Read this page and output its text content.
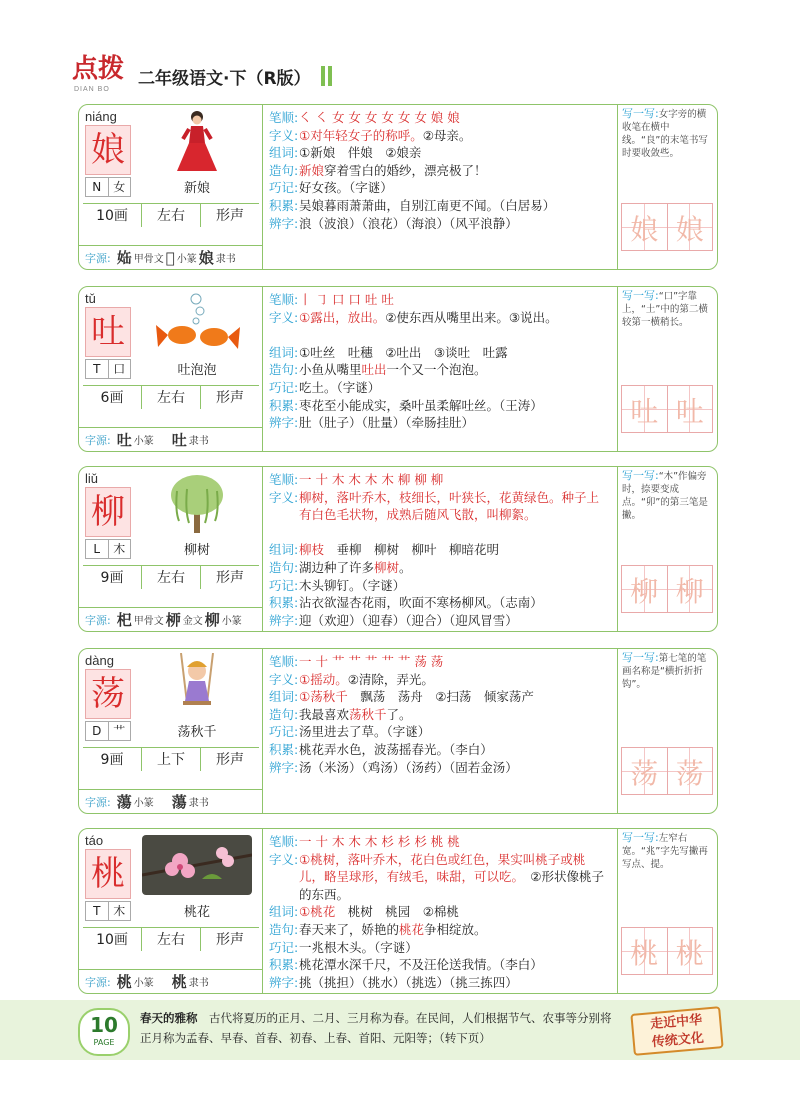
点拨
DIAN BO
二年级语文·下（R版）
niáng
娘
N	女	新娘
10画	左右	形声
字源: 𡜊 甲骨文 𡝘 小篆 娘 隶书
笔顺: ㇛ ㇛ 女 女 女 女 女 女 娘 娘
字义: ①对年轻女子的称呼。 ②母亲。
组词: ①新娘　伴娘　②娘亲
造句: 新娘 穿着雪白的婚纱，漂亮极了！
巧记: 好女孩。（字谜）
积累: 吴娘暮雨萧萧曲，自别江南更不闻。（白居易）
辨字: 浪（波浪）（浪花）（海浪）（风平浪静）
写一写:女字旁的横收笔在横中线。“良”的末笔书写时要收敛些。
娘 娘
tǔ
吐
T	口	吐泡泡
6画	左右	形声
字源: 吐 小篆 吐 隶书
笔顺: 丨 ㇆ 口 口 吐 吐
字义: ①露出，放出。②使东西从嘴里出来。③说出。
组词: ①吐丝　吐穗　②吐出　③谈吐　吐露
造句: 小鱼从嘴里 吐出 一个又一个泡泡。
巧记: 吃土。（字谜）
积累: 枣花至小能成实，桑叶虽柔解吐丝。（王涛）
辨字: 肚（肚子）（肚量）（牵肠挂肚）
写一写:“口”字靠上，“土”中的第二横较第一横稍长。
吐 吐
liǔ
柳
L	木	柳树
9画	左右	形声
字源: 𣏌 甲骨文 桺 金文 柳 小篆
笔顺: 一 十 木 木 木 木 柳 柳 柳
字义: 柳树，落叶乔木，枝细长，叶狭长，花黄绿色。种子上有白色毛状物，成熟后随风飞散，叫柳絮。
组词: 柳枝 　垂柳　柳树　柳叶　柳暗花明
造句: 湖边种了许多 柳树 。
巧记: 木头铆钉。（字谜）
积累: 沾衣欲湿杏花雨，吹面不寒杨柳风。（志南）
辨字: 迎（欢迎）（迎春）（迎合）（迎风冒雪）
写一写:“木”作偏旁时，捺要变成点。“卯”的第三笔是撇。
柳 柳
dàng
荡
D 艹	荡秋千
9画	上下	形声
字源: 蕩 小篆 蕩 隶书
笔顺: 一 十 艹 艹 艹 艹 艹 荡 荡
字义: ①摇动。 ②清除，弄光。
组词: ①荡秋千 　飘荡　荡舟　②扫荡　倾家荡产
造句: 我最喜欢 荡秋千 了。
巧记: 汤里进去了草。（字谜）
积累: 桃花弄水色，波荡摇春光。（李白）
辨字: 汤（米汤）（鸡汤）（汤药）（固若金汤）
写一写:第七笔的笔画名称是“横折折折钩”。
荡 荡
táo
桃
T	木	桃花
10画	左右	形声
字源: 桃 小篆 桃 隶书
笔顺: 一 十 木 木 木 杉 杉 杉 桃 桃
字义: ①桃树，落叶乔木，花白色或红色，果实叫桃子或桃儿，略呈球形，有绒毛，味甜，可以吃。　 ②形状像桃子的东西。
组词: ①桃花 　桃树　桃园　②棉桃
造句: 春天来了，娇艳的 桃花 争相绽放。
巧记: 一兆根木头。（字谜）
积累: 桃花潭水深千尺，不及汪伦送我情。（李白）
辨字: 挑（挑担）（挑水）（挑选）（挑三拣四）
写一写:左窄右宽。“兆”字先写撇再写点、提。
桃 桃
10
PAGE
春天的雅称　 古代将夏历的正月、二月、三月称为春。在民间，人们根据节气、农事等分别将正月称为孟春、早春、首春、初春、上春、首阳、元阳等；（转下页）
走近中华
传统文化
